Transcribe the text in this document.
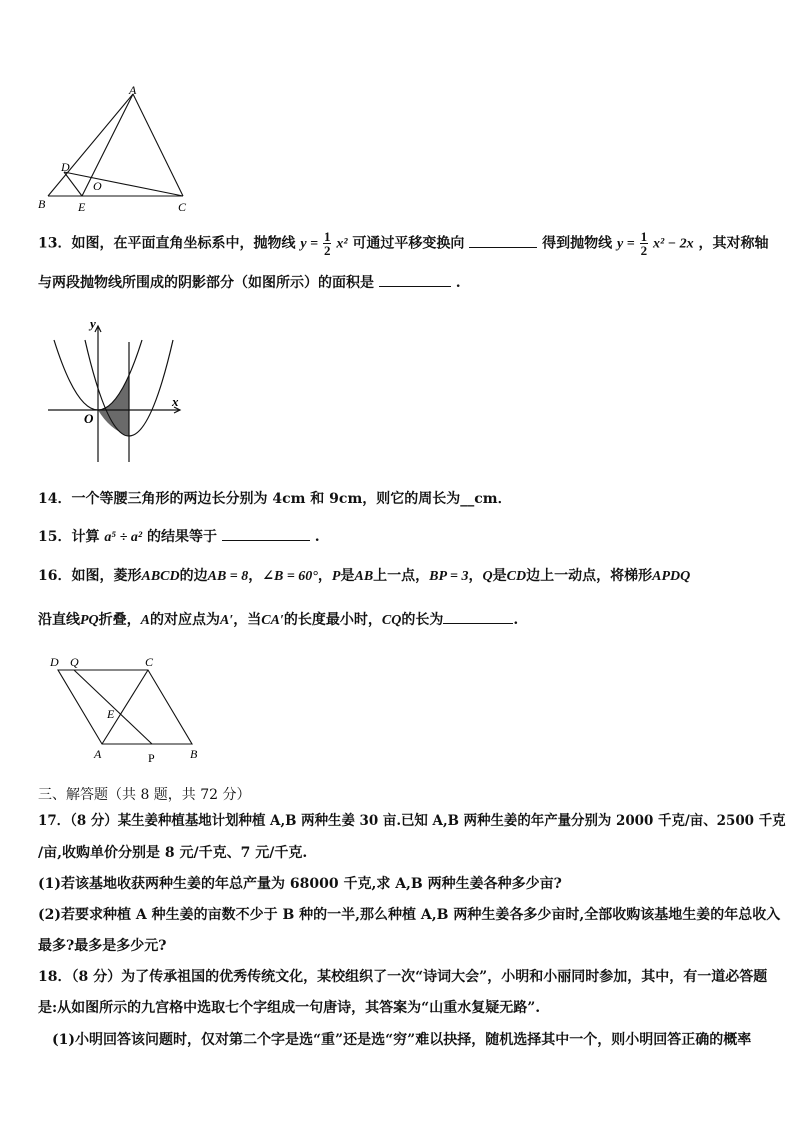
A
D
O
B	E	C
13．如图，在平面直角坐标系中，抛物线 $y = \frac{1}{2} x^2$ 可通过平移变换向	得到抛物线 $y = \frac{1}{2} x^2 - 2x$ ，其对称轴
与两段抛物线所围成的阴影部分（如图所示）的面积是	.
y
x
O
14．一个等腰三角形的两边长分别为 4cm 和 9cm，则它的周长为__cm．
15．计算 a⁵ ÷ a² 的结果等于	.
16．如图，菱形ABCD的边AB = 8，∠B = 60°，P是AB上一点，BP = 3，Q是CD边上一动点，将梯形APDQ
沿直线PQ折叠，A的对应点为A′，当CA′的长度最小时，CQ的长为	.
D Q	C
E
A	P	B
三、解答题（共 8 题，共 72 分）
17．（8 分）某生姜种植基地计划种植 A,B 两种生姜 30 亩.已知 A,B 两种生姜的年产量分别为 2000 千克/亩、2500 千克
/亩,收购单价分别是 8 元/千克、7 元/千克.
(1)若该基地收获两种生姜的年总产量为 68000 千克,求 A,B 两种生姜各种多少亩?
(2)若要求种植 A 种生姜的亩数不少于 B 种的一半,那么种植 A,B 两种生姜各多少亩时,全部收购该基地生姜的年总收入
最多?最多是多少元?
18．（8 分）为了传承祖国的优秀传统文化，某校组织了一次“诗词大会”，小明和小丽同时参加，其中，有一道必答题
是:从如图所示的九宫格中选取七个字组成一句唐诗，其答案为“山重水复疑无路”.
(1)小明回答该问题时，仅对第二个字是选“重”还是选“穷”难以抉择，随机选择其中一个，则小明回答正确的概率
